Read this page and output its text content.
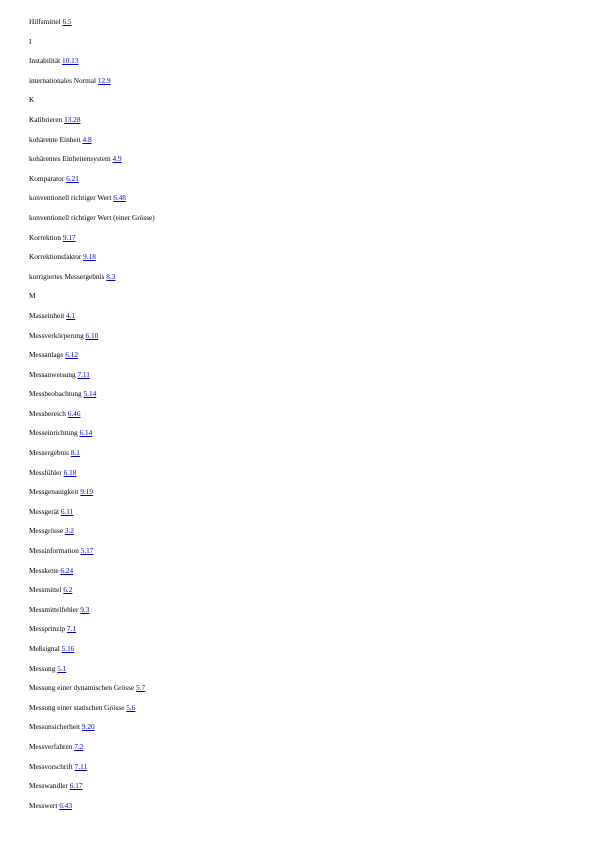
Hilfsmittel 6.5
I
Instabilität 10.13
internationales Normal 12.9
K
Kalibrieren 13.28
kohärente Einheit 4.8
kohärentes Einheitensystem 4.9
Komparator 6.21
konventionell richtiger Wert 6.48
konventionell richtiger Wert (einer Grösse)
Korrektion 9.17
Korrektionsfaktor 9.18
korrigiertes Messergebnis 8.3
M
Masseinheit 4.1
Messverkörperung 6.10
Messanlage 6.12
Messanweisung 7.11
Messbeobachtung 5.14
Messbereich 6.46
Messeinrichtung 6.14
Messergebnis 8.1
Messfühler 6.18
Messgenauigkeit 9.19
Messgerät 6.11
Messgrösse 3.2
Messinformation 5.17
Messkette 6.24
Messmittel 6.2
Messmittelfehler 9.3
Messprinzip 7.1
Meßsignal 5.16
Messung 5.1
Messung einer dynamischen Grösse 5.7
Messung einer statischen Grösse 5.6
Messunsicherheit 9.20
Messverfahren 7.2
Messvorschrift 7.11
Messwandler 6.17
Messwert 6.43
